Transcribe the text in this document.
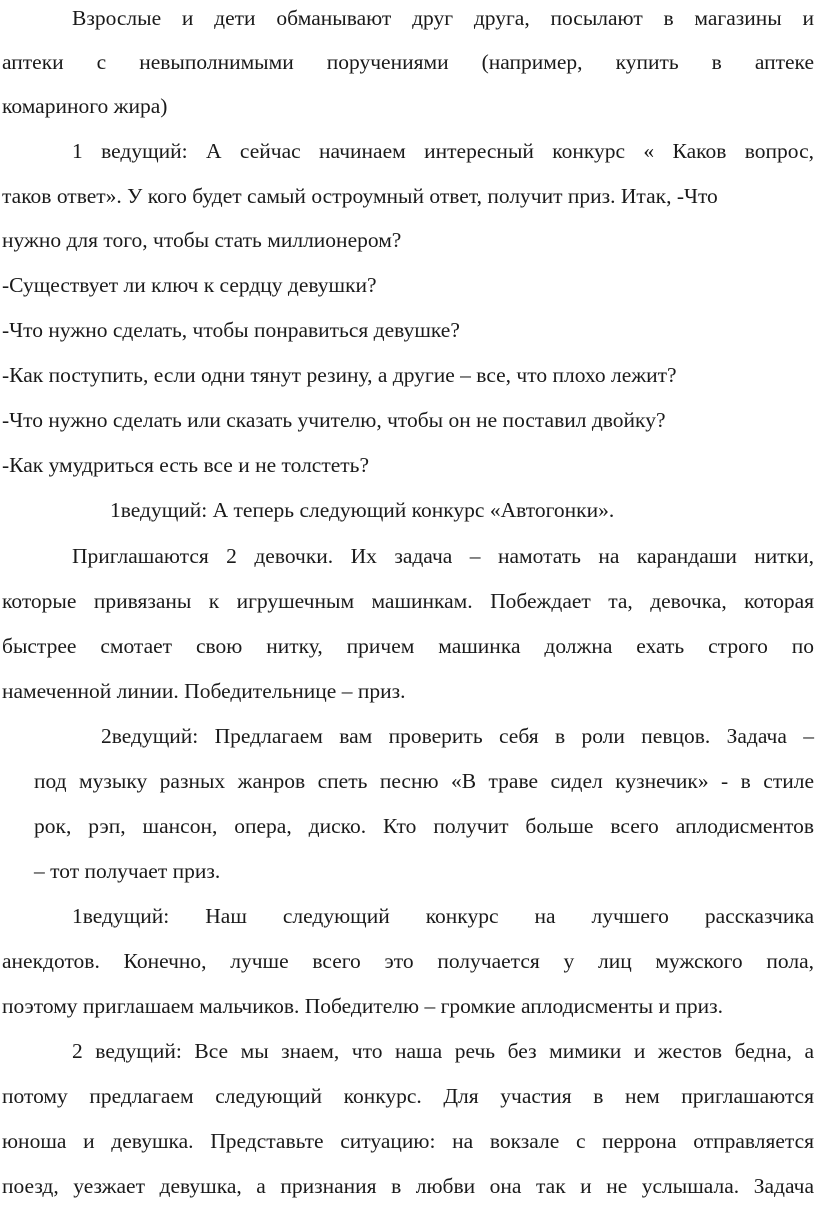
Взрослые и дети обманывают друг друга, посылают в магазины и
аптеки с невыполнимыми поручениями (например, купить в аптеке
комариного жира)
1 ведущий: А сейчас начинаем интересный конкурс « Каков вопрос,
таков ответ». У кого будет самый остроумный ответ, получит приз. Итак, -Что
нужно для того, чтобы стать миллионером?
-Существует ли ключ к сердцу девушки?
-Что нужно сделать, чтобы понравиться девушке?
-Как поступить, если одни тянут резину, а другие – все, что плохо лежит?
-Что нужно сделать или сказать учителю, чтобы он не поставил двойку?
-Как умудриться есть все и не толстеть?
1ведущий: А теперь следующий конкурс «Автогонки».
Приглашаются 2 девочки. Их задача – намотать на карандаши нитки,
которые привязаны к игрушечным машинкам. Побеждает та, девочка, которая
быстрее смотает свою нитку, причем машинка должна ехать строго по
намеченной линии. Победительнице – приз.
2ведущий: Предлагаем вам проверить себя в роли певцов. Задача –
под музыку разных жанров спеть песню «В траве сидел кузнечик» - в стиле
рок, рэп, шансон, опера, диско. Кто получит больше всего аплодисментов
– тот получает приз.
1ведущий: Наш следующий конкурс на лучшего рассказчика
анекдотов. Конечно, лучше всего это получается у лиц мужского пола,
поэтому приглашаем мальчиков. Победителю – громкие аплодисменты и приз.
2 ведущий: Все мы знаем, что наша речь без мимики и жестов бедна, а
потому предлагаем следующий конкурс. Для участия в нем приглашаются
юноша и девушка. Представьте ситуацию: на вокзале с перрона отправляется
поезд, уезжает девушка, а признания в любви она так и не услышала. Задача
